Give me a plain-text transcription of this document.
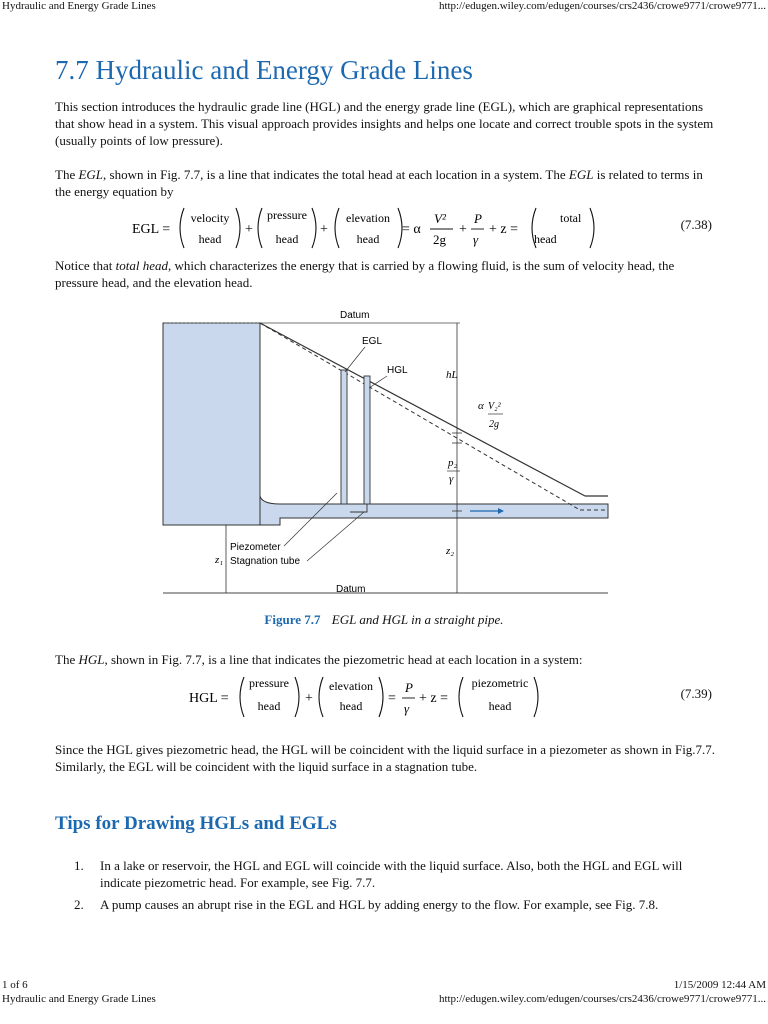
Hydraulic and Energy Grade Lines	http://edugen.wiley.com/edugen/courses/crs2436/crowe9771/crowe9771...
7.7 Hydraulic and Energy Grade Lines

This section introduces the hydraulic grade line (HGL) and the energy grade line (EGL), which are graphical representations that show head in a system. This visual approach provides insights and helps one locate and correct trouble spots in the system (usually points of low pressure).

The EGL, shown in Fig. 7.7, is a line that indicates the total head at each location in a system. The EGL is related to terms in the energy equation by

EGL =
velocity
head
+
pressure
head
+
elevation
head
= α
V²
2g
+
P
γ
+ z =
total
head
(7.38)

Notice that total head, which characterizes the energy that is carried by a flowing fluid, is the sum of velocity head, the pressure head, and the elevation head.

Datum
EGL
HGL	hL
α V₂²
2g
p₂
γ
z₂
z₁
Piezometer
Stagnation tube
Datum
Figure 7.7 EGL and HGL in a straight pipe.

The HGL, shown in Fig. 7.7, is a line that indicates the piezometric head at each location in a system:

HGL =
pressure
head +
elevation
head =
P
γ
+ z =
piezometric
head
(7.39)

Since the HGL gives piezometric head, the HGL will be coincident with the liquid surface in a piezometer as shown in Fig.7.7. Similarly, the EGL will be coincident with the liquid surface in a stagnation tube.

Tips for Drawing HGLs and EGLs
1. In a lake or reservoir, the HGL and EGL will coincide with the liquid surface. Also, both the HGL and EGL will indicate piezometric head. For example, see Fig. 7.7.
2. A pump causes an abrupt rise in the EGL and HGL by adding energy to the flow. For example, see Fig. 7.8.
1 of 6	1/15/2009 12:44 AM
Hydraulic and Energy Grade Lines	http://edugen.wiley.com/edugen/courses/crs2436/crowe9771/crowe9771...
